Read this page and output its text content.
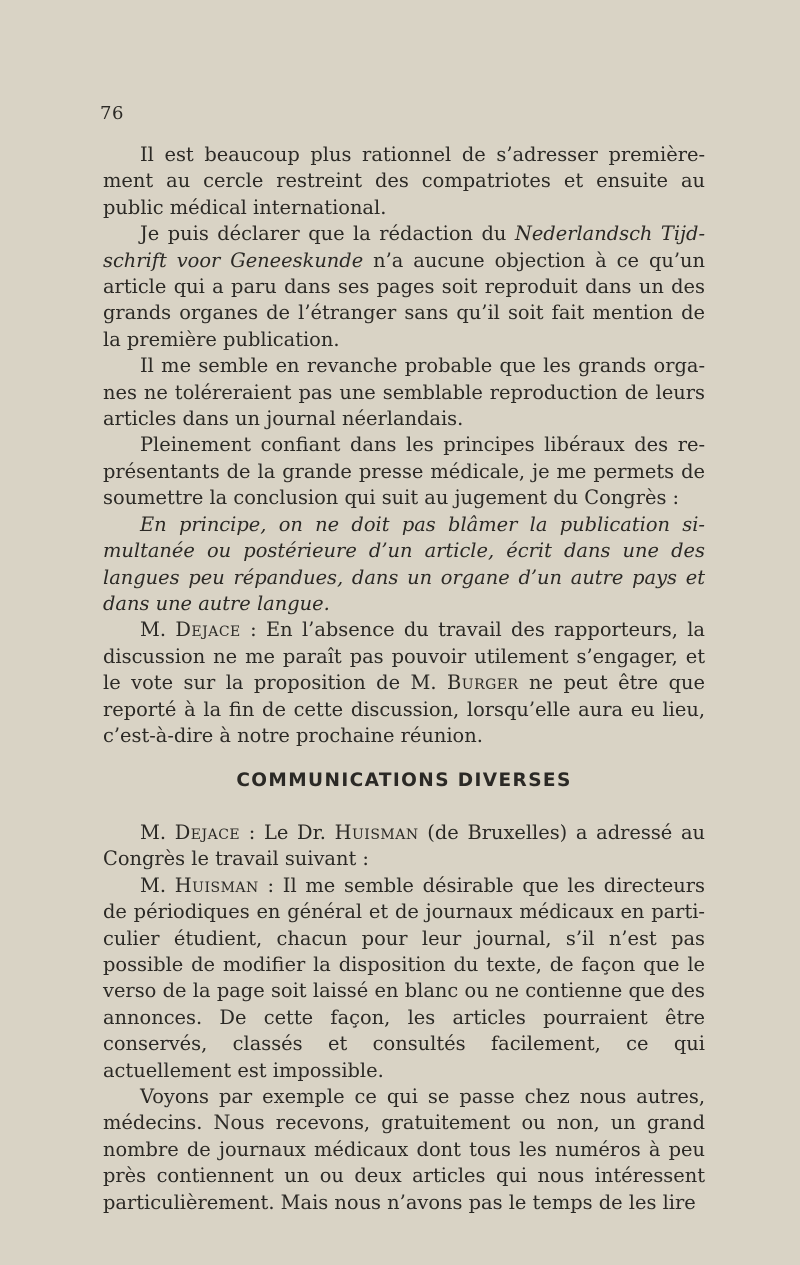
76

Il est beaucoup plus rationnel de s’adresser première-ment au cercle restreint des compatriotes et ensuite au public médical international.

Je puis déclarer que la rédaction du Nederlandsch Tijd-schrift voor Geneeskunde n’a aucune objection à ce qu’un article qui a paru dans ses pages soit reproduit dans un des grands organes de l’étranger sans qu’il soit fait mention de la première publication.

Il me semble en revanche probable que les grands orga-nes ne toléreraient pas une semblable reproduction de leurs articles dans un journal néerlandais.

Pleinement confiant dans les principes libéraux des re-présentants de la grande presse médicale, je me permets de soumettre la conclusion qui suit au jugement du Congrès :

En principe, on ne doit pas blâmer la publication si-multanée ou postérieure d’un article, écrit dans une des langues peu répandues, dans un organe d’un autre pays et dans une autre langue.

M. Dejace : En l’absence du travail des rapporteurs, la discussion ne me paraît pas pouvoir utilement s’engager, et le vote sur la proposition de M. Burger ne peut être que reporté à la fin de cette discussion, lorsqu’elle aura eu lieu, c’est-à-dire à notre prochaine réunion.

COMMUNICATIONS DIVERSES

M. Dejace : Le Dr. Huisman (de Bruxelles) a adressé au Congrès le travail suivant :

M. Huisman : Il me semble désirable que les directeurs de périodiques en général et de journaux médicaux en parti-culier étudient, chacun pour leur journal, s’il n’est pas possible de modifier la disposition du texte, de façon que le verso de la page soit laissé en blanc ou ne contienne que des annonces. De cette façon, les articles pourraient être conservés, classés et consultés facilement, ce qui actuellement est impossible.

Voyons par exemple ce qui se passe chez nous autres, médecins. Nous recevons, gratuitement ou non, un grand nombre de journaux médicaux dont tous les numéros à peu près contiennent un ou deux articles qui nous intéressent particulièrement. Mais nous n’avons pas le temps de les lire
